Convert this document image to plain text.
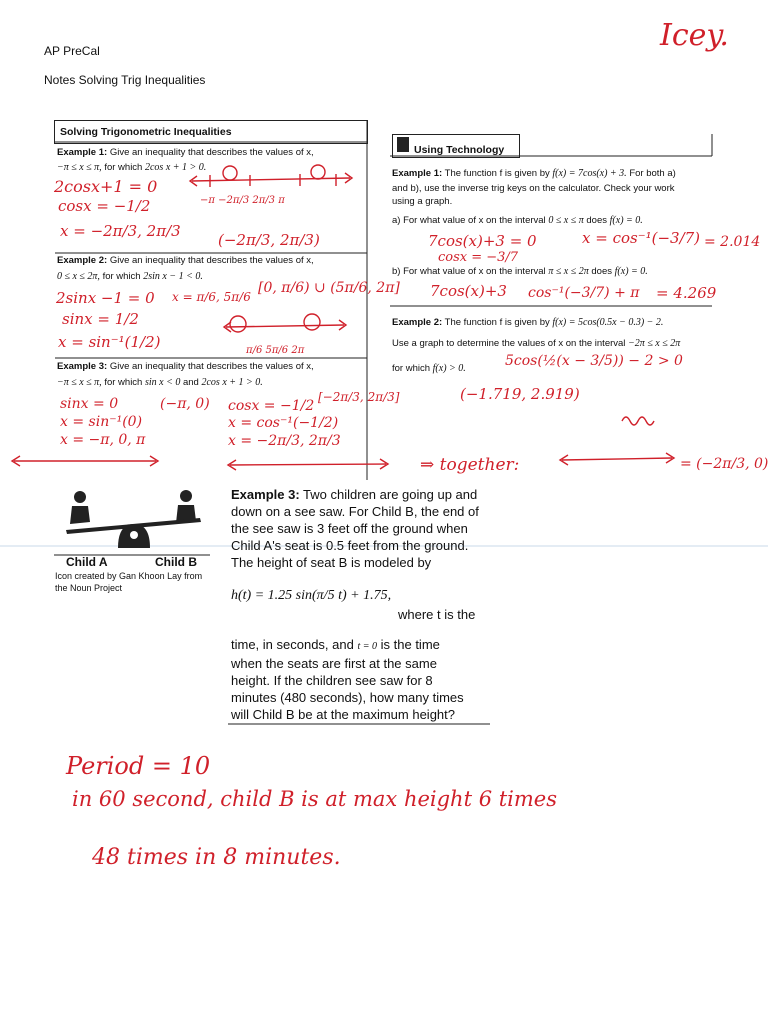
AP PreCal
Notes Solving Trig Inequalities
Icey.
Solving Trigonometric Inequalities
Example 1: Give an inequality that describes the values of x,
−π ≤ x ≤ π, for which 2cos x + 1 > 0.
Example 2: Give an inequality that describes the values of x,
0 ≤ x ≤ 2π, for which 2sin x − 1 < 0.
Example 3: Give an inequality that describes the values of x,
−π ≤ x ≤ π, for which sin x < 0 and 2cos x + 1 > 0.
Using Technology
Example 1: The function f is given by f(x) = 7cos(x) + 3. For both a)
and b), use the inverse trig keys on the calculator. Check your work
using a graph.
a) For what value of x on the interval 0 ≤ x ≤ π does f(x) = 0.
b) For what value of x on the interval π ≤ x ≤ 2π does f(x) = 0.
Example 2: The function f is given by f(x) = 5cos(0.5x − 0.3) − 2.
Use a graph to determine the values of x on the interval −2π ≤ x ≤ 2π
for which f(x) > 0.
Child A	Child B
Icon created by Gan Khoon Lay from
the Noun Project
Example 3: Two children are going up and
down on a see saw. For Child B, the end of
the see saw is 3 feet off the ground when
Child A's seat is 0.5 feet from the ground.
The height of seat B is modeled by
h(t) = 1.25 sin(π/5 t) + 1.75,
where t is the
time, in seconds, and t = 0 is the time
when the seats are first at the same
height. If the children see saw for 8
minutes (480 seconds), how many times
will Child B be at the maximum height?
2cosx+1 = 0
cosx = −1/2
x = −2π/3, 2π/3 (−2π/3, 2π/3)
−π −2π/3 2π/3 π
2sinx −1 = 0
sinx = 1/2
x = sin⁻¹(1/2)
x = π/6, 5π/6
[0, π/6) ∪ (5π/6, 2π]
π/6 5π/6 2π
sinx = 0
x = sin⁻¹(0)
x = −π, 0, π
(−π, 0) cosx = −1/2
x = cos⁻¹(−1/2)
x = −2π/3, 2π/3
[−2π/3, 2π/3]
⇒ together:	= (−2π/3, 0)
7cos(x)+3 = 0
cosx = −3/7
x = cos⁻¹(−3/7) = 2.014
7cos(x)+3 cos⁻¹(−3/7) + π = 4.269
5cos(½(x − 3/5)) − 2 > 0
(−1.719, 2.919)
Period = 10
in 60 second, child B is at max height 6 times
48 times in 8 minutes.
